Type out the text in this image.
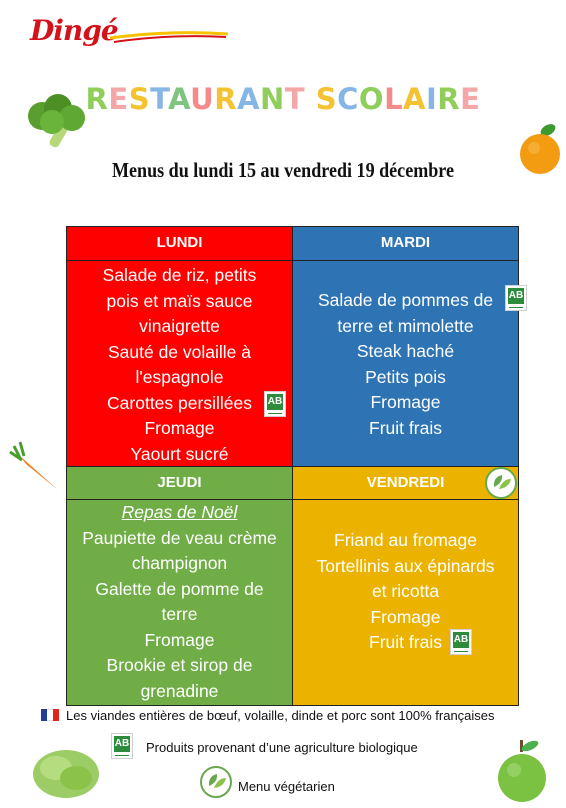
Dingé
RESTAURANT SCOLAIRE
Menus du lundi 15 au vendredi 19 décembre
LUNDI
Salade de riz, petits
pois et maïs sauce
vinaigrette
Sauté de volaille à
l'espagnole
Carottes persillées
Fromage
Yaourt sucré
AB
MARDI
Salade de pommes de
terre et mimolette
Steak haché
Petits pois
Fromage
Fruit frais
AB
JEUDI
Repas de Noël
Paupiette de veau crème
champignon
Galette de pomme de
terre
Fromage
Brookie et sirop de
grenadine
VENDREDI
Friand au fromage
Tortellinis aux épinards
et ricotta
Fromage
Fruit frais	AB
Les viandes entières de bœuf, volaille, dinde et porc sont 100% françaises
AB Produits provenant d’une agriculture biologique
Menu végétarien
